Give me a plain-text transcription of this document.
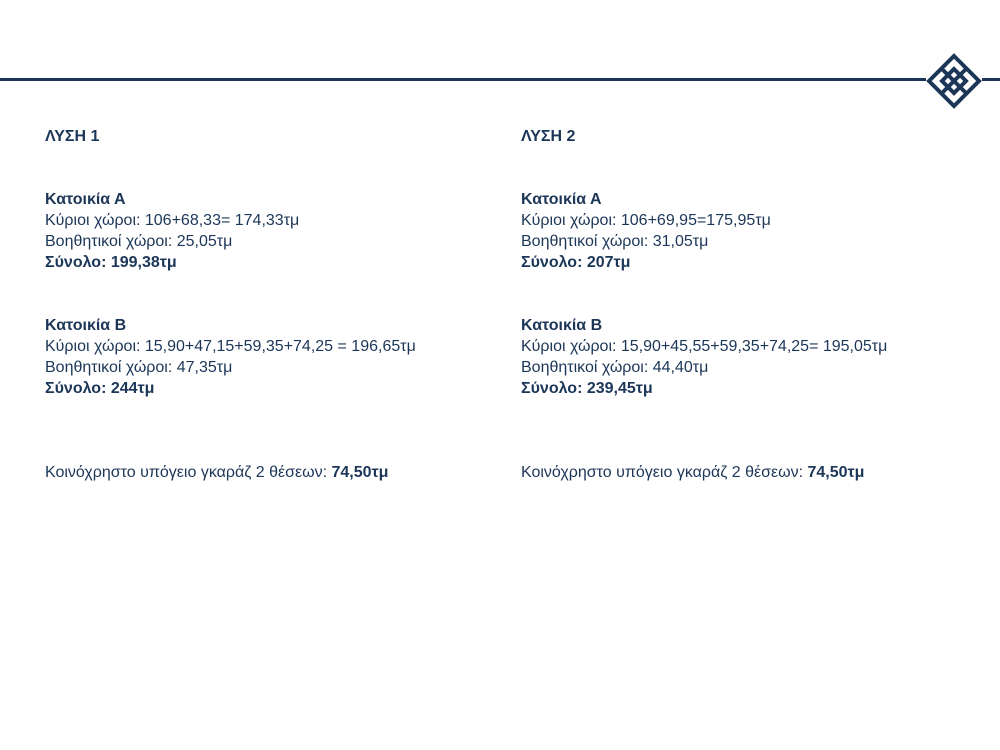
ΛΥΣΗ 1

Κατοικία Α

Κύριοι χώροι: 106+68,33= 174,33τμ

Βοηθητικοί χώροι: 25,05τμ

Σύνολο: 199,38τμ

Κατοικία Β

Κύριοι χώροι: 15,90+47,15+59,35+74,25 = 196,65τμ

Βοηθητικοί χώροι: 47,35τμ

Σύνολο: 244τμ

Κοινόχρηστο υπόγειο γκαράζ 2 θέσεων: 74,50τμ

ΛΥΣΗ 2

Κατοικία Α

Κύριοι χώροι: 106+69,95=175,95τμ

Βοηθητικοί χώροι: 31,05τμ

Σύνολο: 207τμ

Κατοικία Β

Κύριοι χώροι: 15,90+45,55+59,35+74,25= 195,05τμ

Βοηθητικοί χώροι: 44,40τμ

Σύνολο: 239,45τμ

Κοινόχρηστο υπόγειο γκαράζ 2 θέσεων: 74,50τμ
